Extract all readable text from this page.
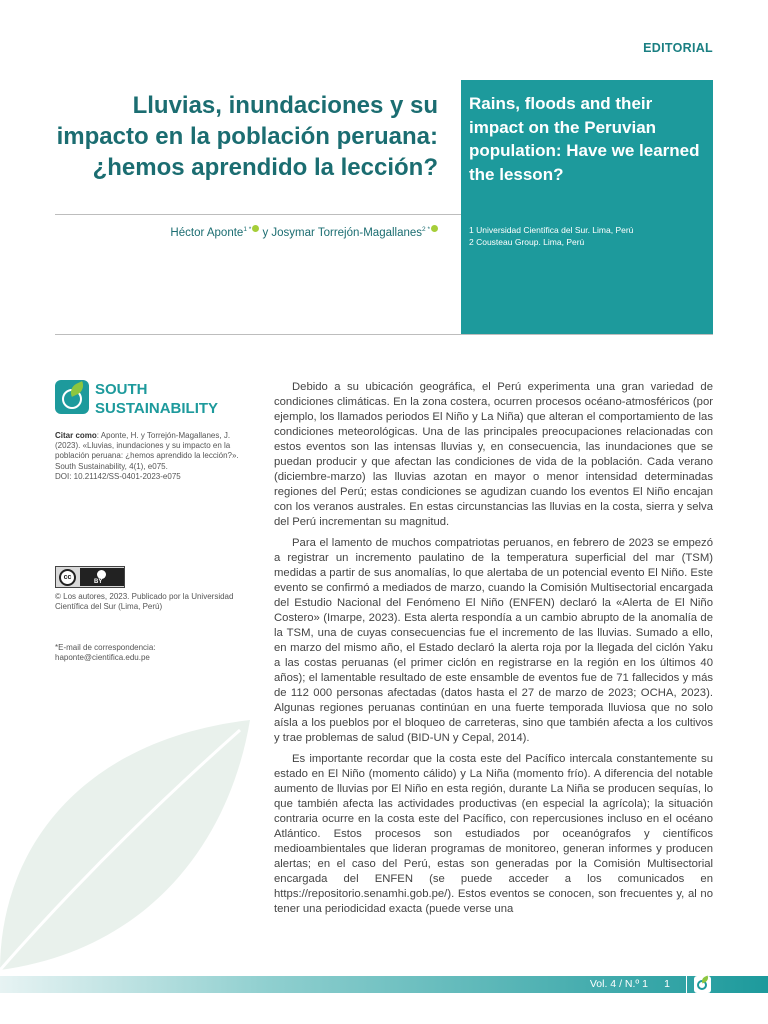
EDITORIAL
Lluvias, inundaciones y su impacto en la población peruana: ¿hemos aprendido la lección?
Rains, floods and their impact on the Peruvian population: Have we learned the lesson?
1 Universidad Científica del Sur. Lima, Perú
2 Cousteau Group. Lima, Perú
Héctor Aponte$^{1 *}$ y Josymar Torrejón-Magallanes$^{2 *}$
SOUTH
SUSTAINABILITY
Citar como: Aponte, H. y Torrejón-Magallanes, J. (2023). «Lluvias, inundaciones y su impacto en la población peruana: ¿hemos aprendido la lección?». South Sustainability, 4(1), e075.
DOI: 10.21142/SS-0401-2023-e075
cc
BY
© Los autores, 2023. Publicado por la Universidad Científica del Sur (Lima, Perú)
*E-mail de correspondencia:
haponte@cientifica.edu.pe

Debido a su ubicación geográfica, el Perú experimenta una gran variedad de condiciones climáticas. En la zona costera, ocurren procesos océano-atmosféricos (por ejemplo, los llamados periodos El Niño y La Niña) que alteran el comportamiento de las condiciones meteorológicas. Una de las principales preocupaciones relacionadas con estos eventos son las intensas lluvias y, en consecuencia, las inundaciones que se puedan producir y que afectan las condiciones de vida de la población. Cada verano (diciembre-marzo) las lluvias azotan en mayor o menor intensidad determinadas regiones del Perú; estas condiciones se agudizan cuando los eventos El Niño encajan con los veranos australes. En estas circunstancias las lluvias en la costa, sierra y selva del Perú incrementan su magnitud.

Para el lamento de muchos compatriotas peruanos, en febrero de 2023 se empezó a registrar un incremento paulatino de la temperatura superficial del mar (TSM) medidas a partir de sus anomalías, lo que alertaba de un potencial evento El Niño. Este evento se confirmó a mediados de marzo, cuando la Comisión Multisectorial encargada del Estudio Nacional del Fenómeno El Niño (ENFEN) declaró la «Alerta de El Niño Costero» (Imarpe, 2023). Esta alerta respondía a un cambio abrupto de la anomalía de la TSM, una de cuyas consecuencias fue el incremento de las lluvias. Sumado a ello, en marzo del mismo año, el Estado declaró la alerta roja por la llegada del ciclón Yaku a las costas peruanas (el primer ciclón en registrarse en la región en los últimos 40 años); el lamentable resultado de este ensamble de eventos fue de 71 fallecidos y más de 112 000 personas afectadas (datos hasta el 27 de marzo de 2023; OCHA, 2023). Algunas regiones peruanas continúan en una fuerte temporada lluviosa que no solo aísla a los pueblos por el bloqueo de carreteras, sino que también afecta a los cultivos y trae problemas de salud (BID-UN y Cepal, 2014).

Es importante recordar que la costa este del Pacífico intercala constantemente su estado en El Niño (momento cálido) y La Niña (momento frío). A diferencia del notable aumento de lluvias por El Niño en esta región, durante La Niña se producen sequías, lo que también afecta las actividades productivas (en especial la agrícola); la situación contraria ocurre en la costa este del Pacífico, con repercusiones incluso en el océano Atlántico. Estos procesos son estudiados por oceanógrafos y científicos medioambientales que lideran programas de monitoreo, generan informes y producen alertas; en el caso del Perú, estas son generadas por la Comisión Multisectorial encargada del ENFEN (se puede acceder a los comunicados en https://repositorio.senamhi.gob.pe/). Estos eventos se conocen, son frecuentes y, al no tener una periodicidad exacta (puede verse una

Vol. 4 / N.º 1 1
